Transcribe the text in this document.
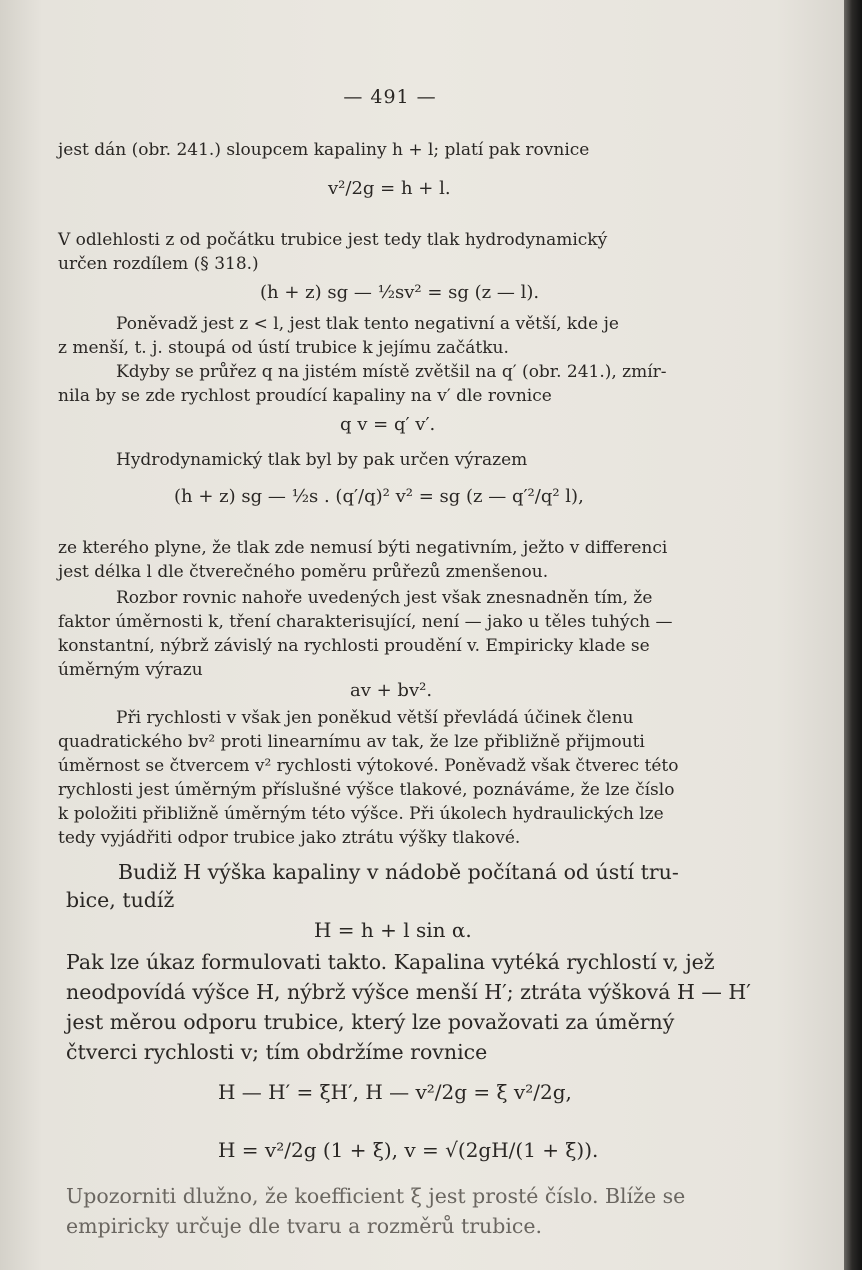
— 491 —

jest dán (obr. 241.) sloupcem kapaliny h + l; platí pak rovnice

v²/2g = h + l.

V odlehlosti z od počátku trubice jest tedy tlak hydrodynamický

určen rozdílem (§ 318.)

(h + z) sg — ½sv² = sg (z — l).

Poněvadž jest z < l, jest tlak tento negativní a větší, kde je

z menší, t. j. stoupá od ústí trubice k jejímu začátku.

Kdyby se průřez q na jistém místě zvětšil na q′ (obr. 241.), zmír-

nila by se zde rychlost proudící kapaliny na v′ dle rovnice

q v = q′ v′.

Hydrodynamický tlak byl by pak určen výrazem

(h + z) sg — ½s . (q′/q)² v² = sg (z — q′²/q² l),

ze kterého plyne, že tlak zde nemusí býti negativním, ježto v differenci

jest délka l dle čtverečného poměru průřezů zmenšenou.

Rozbor rovnic nahoře uvedených jest však znesnadněn tím, že

faktor úměrnosti k, tření charakterisující, není — jako u těles tuhých —

konstantní, nýbrž závislý na rychlosti proudění v. Empiricky klade se

úměrným výrazu

av + bv².

Při rychlosti v však jen poněkud větší převládá účinek členu

quadratického bv² proti linearnímu av tak, že lze přibližně přijmouti

úměrnost se čtvercem v² rychlosti výtokové. Poněvadž však čtverec této

rychlosti jest úměrným příslušné výšce tlakové, poznáváme, že lze číslo

k položiti přibližně úměrným této výšce. Při úkolech hydraulických lze

tedy vyjádřiti odpor trubice jako ztrátu výšky tlakové.

Budiž H výška kapaliny v nádobě počítaná od ústí tru-

bice, tudíž

H = h + l sin α.

Pak lze úkaz formulovati takto. Kapalina vytéká rychlostí v, jež

neodpovídá výšce H, nýbrž výšce menší H′; ztráta výšková H — H′

jest měrou odporu trubice, který lze považovati za úměrný

čtverci rychlosti v; tím obdržíme rovnice

H — H′ = ξH′, H — v²/2g = ξ v²/2g,
H = v²/2g (1 + ξ), v = √(2gH/(1 + ξ)).

Upozorniti dlužno, že koefficient ξ jest prosté číslo. Blíže se

empiricky určuje dle tvaru a rozměrů trubice.
